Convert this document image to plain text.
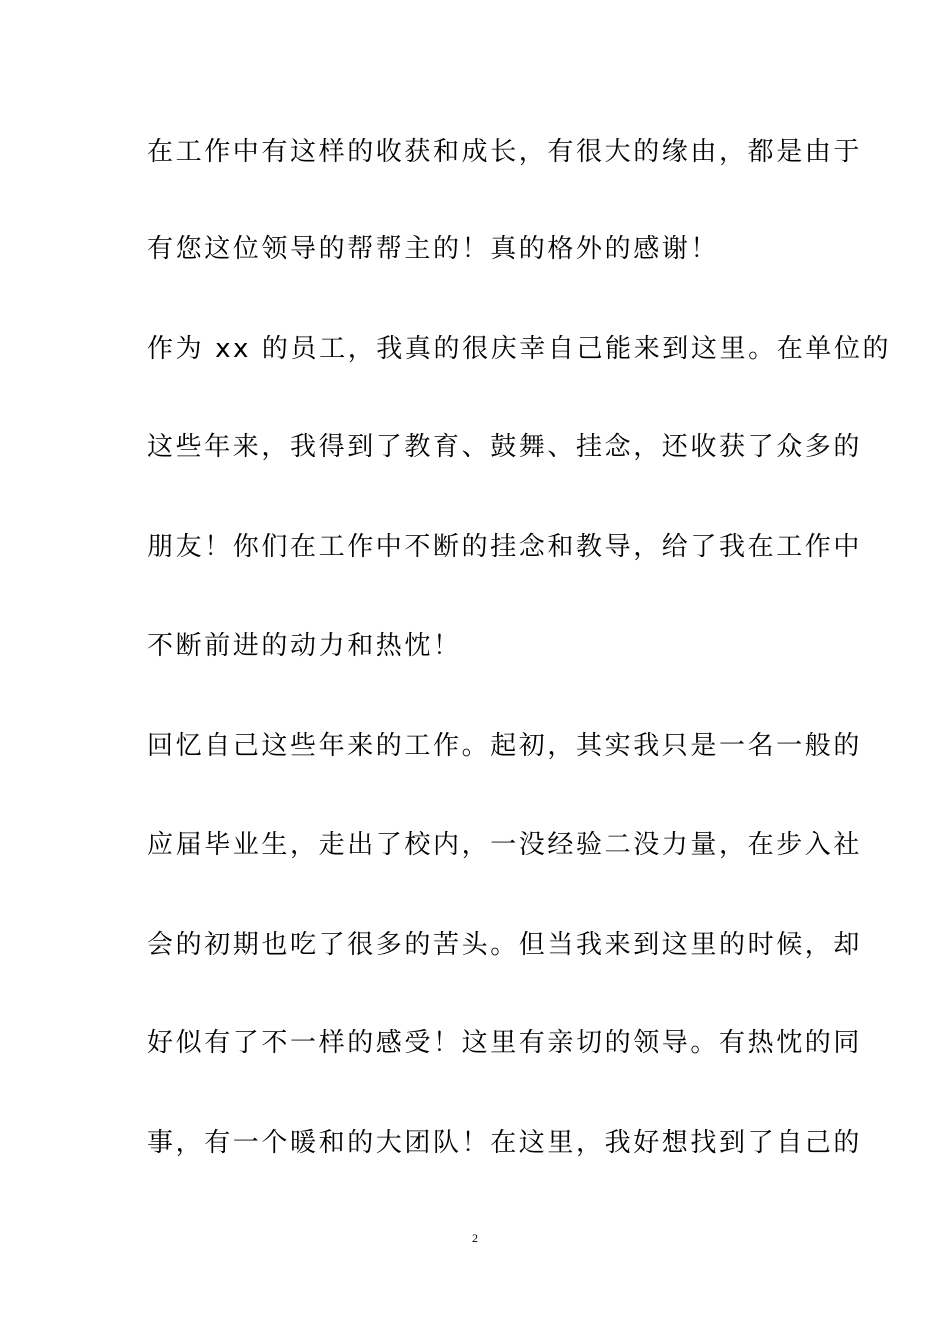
在工作中有这样的收获和成长，有很大的缘由，都是由于
有您这位领导的帮帮主的！真的格外的感谢！
作为 xx 的员工，我真的很庆幸自己能来到这里。在单位的
这些年来，我得到了教育、鼓舞、挂念，还收获了众多的
朋友！你们在工作中不断的挂念和教导，给了我在工作中
不断前进的动力和热忱！
回忆自己这些年来的工作。起初，其实我只是一名一般的
应届毕业生，走出了校内，一没经验二没力量，在步入社
会的初期也吃了很多的苦头。但当我来到这里的时候，却
好似有了不一样的感受！这里有亲切的领导。有热忱的同
事，有一个暖和的大团队！在这里，我好想找到了自己的
2
